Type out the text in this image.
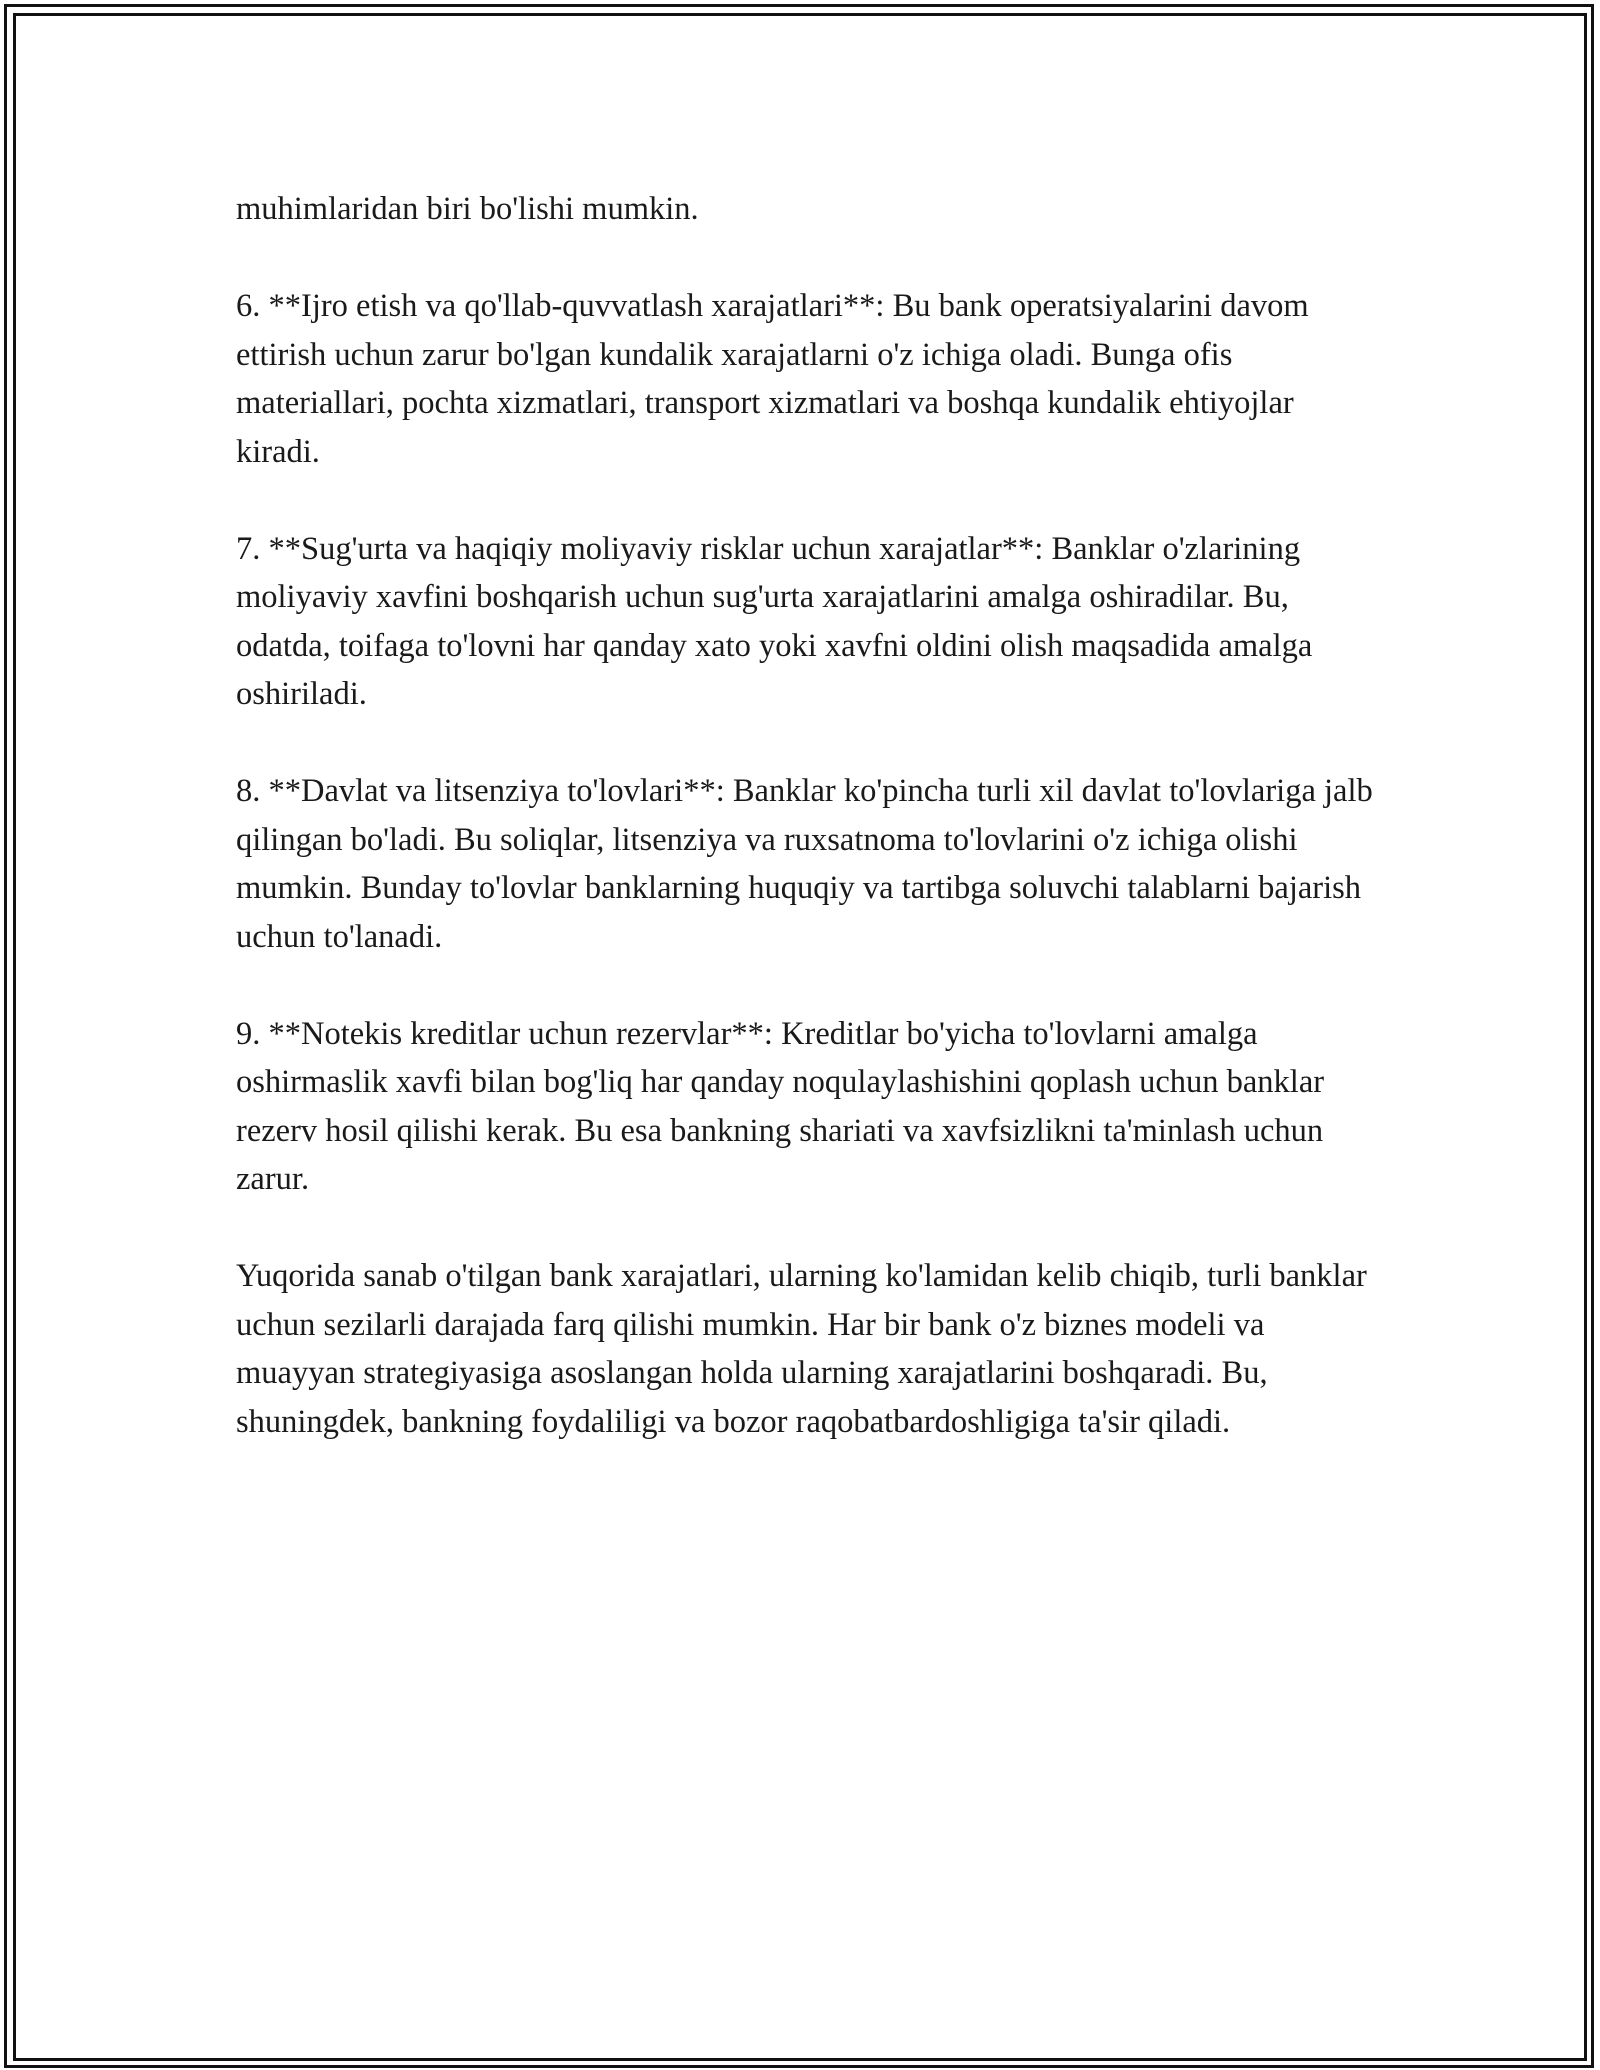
muhimlaridan biri bo'lishi mumkin.

6. **Ijro etish va qo'llab-quvvatlash xarajatlari**: Bu bank operatsiyalarini davom ettirish uchun zarur bo'lgan kundalik xarajatlarni o'z ichiga oladi. Bunga ofis materiallari, pochta xizmatlari, transport xizmatlari va boshqa kundalik ehtiyojlar kiradi.

7. **Sug'urta va haqiqiy moliyaviy risklar uchun xarajatlar**: Banklar o'zlarining moliyaviy xavfini boshqarish uchun sug'urta xarajatlarini amalga oshiradilar. Bu, odatda, toifaga to'lovni har qanday xato yoki xavfni oldini olish maqsadida amalga oshiriladi.

8. **Davlat va litsenziya to'lovlari**: Banklar ko'pincha turli xil davlat to'lovlariga jalb qilingan bo'ladi. Bu soliqlar, litsenziya va ruxsatnoma to'lovlarini o'z ichiga olishi mumkin. Bunday to'lovlar banklarning huquqiy va tartibga soluvchi talablarni bajarish uchun to'lanadi.

9. **Notekis kreditlar uchun rezervlar**: Kreditlar bo'yicha to'lovlarni amalga oshirmaslik xavfi bilan bog'liq har qanday noqulaylashishini qoplash uchun banklar rezerv hosil qilishi kerak. Bu esa bankning shariati va xavfsizlikni ta'minlash uchun zarur.

Yuqorida sanab o'tilgan bank xarajatlari, ularning ko'lamidan kelib chiqib, turli banklar uchun sezilarli darajada farq qilishi mumkin. Har bir bank o'z biznes modeli va muayyan strategiyasiga asoslangan holda ularning xarajatlarini boshqaradi. Bu, shuningdek, bankning foydaliligi va bozor raqobatbardoshligiga ta'sir qiladi.
